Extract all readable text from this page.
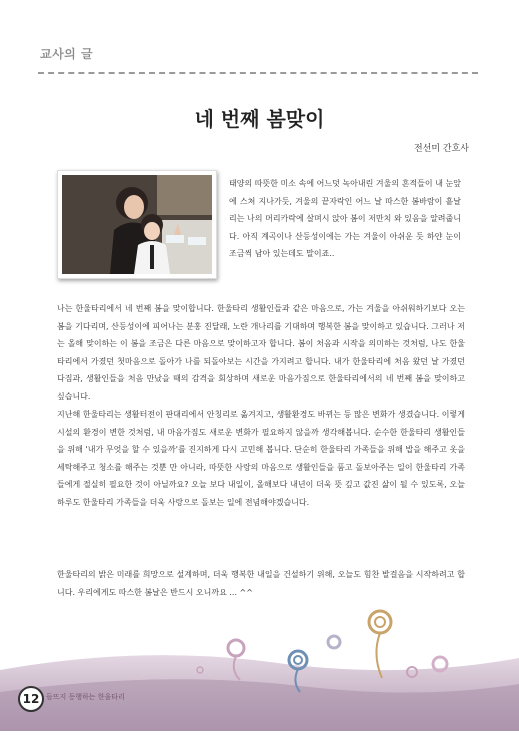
교사의 글
네 번째 봄맞이
전선미 간호사
태양의 따뜻한 미소 속에 어느덧 녹아내린 겨울의 흔적들이 내 눈앞에 스쳐 지나가듯, 겨울의 끝자락인 어느 날 따스한 봄바람이 흩날리는 나의 머리카락에 살며시 앉아 봄이 저만치 와 있음을 알려줍니다. 아직 계곡이나 산등성이에는 가는 겨울이 아쉬운 듯 하얀 눈이 조금씩 남아 있는데도 말이죠..
나는 한울타리에서 네 번째 봄을 맞이합니다. 한울타리 생활인들과 같은 마음으로, 가는 겨울을 아쉬워하기보다 오는 봄을 기다리며, 산등성이에 피어나는 분홍 진달래, 노란 개나리를 기대하며 행복한 봄을 맞이하고 있습니다. 그러나 저는 올해 맞이하는 이 봄을 조금은 다른 마음으로 맞이하고자 합니다. 봄이 처음과 시작을 의미하는 것처럼, 나도 한울타리에서 가졌던 첫마음으로 돌아가 나를 되돌아보는 시간을 가지려고 합니다. 내가 한울타리에 처음 왔던 날 가졌던 다짐과, 생활인들을 처음 만났을 때의 감격을 회상하며 새로운 마음가짐으로 한울타리에서의 네 번째 봄을 맞이하고 싶습니다.
지난해 한울타리는 생활터전이 판대리에서 안칭리로 옮겨지고, 생활환경도 바뀌는 등 많은 변화가 생겼습니다. 이렇게 시설의 환경이 변한 것처럼, 내 마음가짐도 새로운 변화가 필요하지 않을까 생각해봅니다. 순수한 한울타리 생활인들을 위해 '내가 무엇을 할 수 있을까'를 진지하게 다시 고민해 봅니다. 단순히 한울타리 가족들을 위해 밥을 해주고 옷을 세탁해주고 청소를 해주는 것뿐 만 아니라, 따뜻한 사랑의 마음으로 생활인들을 품고 돌보아주는 일이 한울타리 가족들에게 절실히 필요한 것이 아닐까요? 오늘 보다 내일이, 올해보다 내년이 더욱 뜻 깊고 값진 삶이 될 수 있도록, 오늘 하루도 한울타리 가족들을 더욱 사랑으로 돌보는 일에 전념해야겠습니다.
한울타리의 밝은 미래를 희망으로 설계하며, 더욱 행복한 내일을 건설하기 위해, 오늘도 힘찬 발걸음을 시작하려고 합니다. 우리에게도 따스한 봄날은 반드시 오니까요 ... ^^
12 들뜨지 동행하는 한울타리
